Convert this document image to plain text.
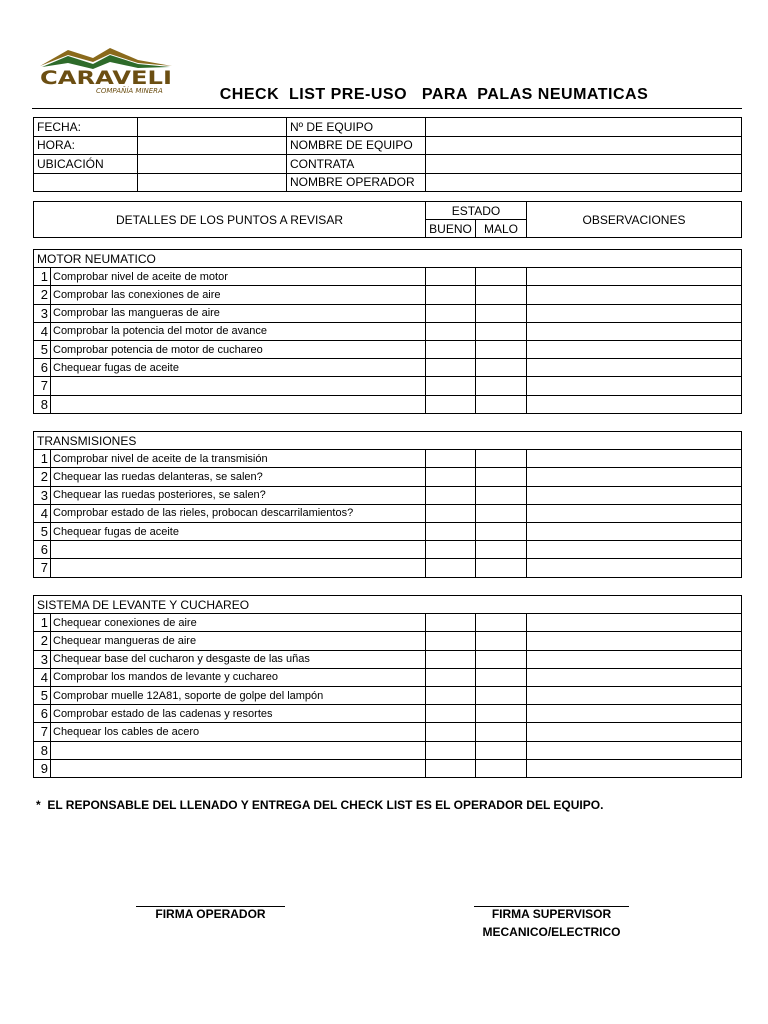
CARAVELI
COMPAÑÍA MINERA	CHECK  LIST PRE-USO   PARA  PALAS NEUMATICAS
FECHA:		Nº DE EQUIPO	
HORA:		NOMBRE DE EQUIPO	
UBICACIÓN		CONTRATA	
		NOMBRE OPERADOR	
DETALLES DE LOS PUNTOS A REVISAR	ESTADO		OBSERVACIONES
	BUENO	MALO	
MOTOR NEUMATICO				
1	Comprobar nivel de aceite de motor			
2	Comprobar las conexiones de aire			
3	Comprobar las mangueras de aire			
4	Comprobar la potencia del motor de avance			
5	Comprobar potencia de motor de cuchareo			
6	Chequear fugas de aceite			
7				
8				
TRANSMISIONES				
1	Comprobar nivel de aceite de la transmisión			
2	Chequear las ruedas delanteras, se salen?			
3	Chequear las ruedas posteriores, se salen?			
4	Comprobar estado de las rieles, probocan descarrilamientos?			
5	Chequear fugas de aceite			
6				
7				
SISTEMA DE LEVANTE Y CUCHAREO				
1	Chequear conexiones de aire			
2	Chequear mangueras de aire			
3	Chequear base del cucharon y desgaste de las uñas			
4	Comprobar los mandos de levante y cuchareo			
5	Comprobar muelle 12A81, soporte de golpe del lampón			
6	Comprobar estado de las cadenas y resortes			
7	Chequear los cables de acero			
8				
9				
*  EL REPONSABLE DEL LLENADO Y ENTREGA DEL CHECK LIST ES EL OPERADOR DEL EQUIPO.
FIRMA OPERADOR	FIRMA SUPERVISOR
MECANICO/ELECTRICO
